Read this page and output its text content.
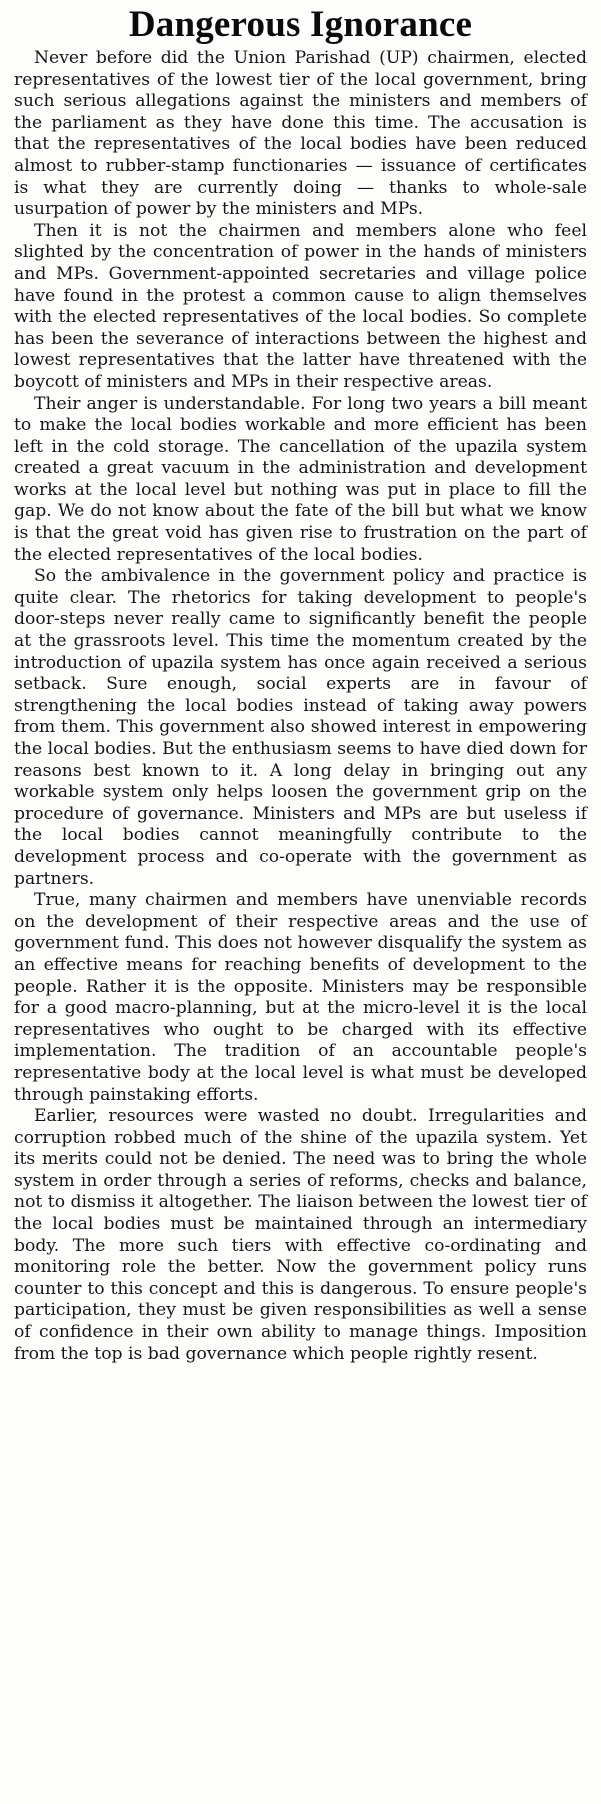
Dangerous Ignorance

Never before did the Union Parishad (UP) chairmen, elected representatives of the lowest tier of the local government, bring such serious allegations against the ministers and members of the parliament as they have done this time. The accusation is that the representatives of the local bodies have been reduced almost to rubber-stamp functionaries — issuance of certificates is what they are currently doing — thanks to whole-sale usurpation of power by the ministers and MPs.

Then it is not the chairmen and members alone who feel slighted by the concentration of power in the hands of ministers and MPs. Government-appointed secretaries and village police have found in the protest a common cause to align themselves with the elected representatives of the local bodies. So complete has been the severance of interactions between the highest and lowest representatives that the latter have threatened with the boycott of ministers and MPs in their respective areas.

Their anger is understandable. For long two years a bill meant to make the local bodies workable and more efficient has been left in the cold storage. The cancellation of the upazila system created a great vacuum in the administration and development works at the local level but nothing was put in place to fill the gap. We do not know about the fate of the bill but what we know is that the great void has given rise to frustration on the part of the elected representatives of the local bodies.

So the ambivalence in the government policy and practice is quite clear. The rhetorics for taking development to people's door-steps never really came to significantly benefit the people at the grassroots level. This time the momentum created by the introduction of upazila system has once again received a serious setback. Sure enough, social experts are in favour of strengthening the local bodies instead of taking away powers from them. This government also showed interest in empowering the local bodies. But the enthusiasm seems to have died down for reasons best known to it. A long delay in bringing out any workable system only helps loosen the government grip on the procedure of governance. Ministers and MPs are but useless if the local bodies cannot meaningfully contribute to the development process and co-operate with the government as partners.

True, many chairmen and members have unenviable records on the development of their respective areas and the use of government fund. This does not however disqualify the system as an effective means for reaching benefits of development to the people. Rather it is the opposite. Ministers may be responsible for a good macro-planning, but at the micro-level it is the local representatives who ought to be charged with its effective implementation. The tradition of an accountable people's representative body at the local level is what must be developed through painstaking efforts.

Earlier, resources were wasted no doubt. Irregularities and corruption robbed much of the shine of the upazila system. Yet its merits could not be denied. The need was to bring the whole system in order through a series of reforms, checks and balance, not to dismiss it altogether. The liaison between the lowest tier of the local bodies must be maintained through an intermediary body. The more such tiers with effective co-ordinating and monitoring role the better. Now the government policy runs counter to this concept and this is dangerous. To ensure people's participation, they must be given responsibilities as well a sense of confidence in their own ability to manage things. Imposition from the top is bad governance which people rightly resent.
